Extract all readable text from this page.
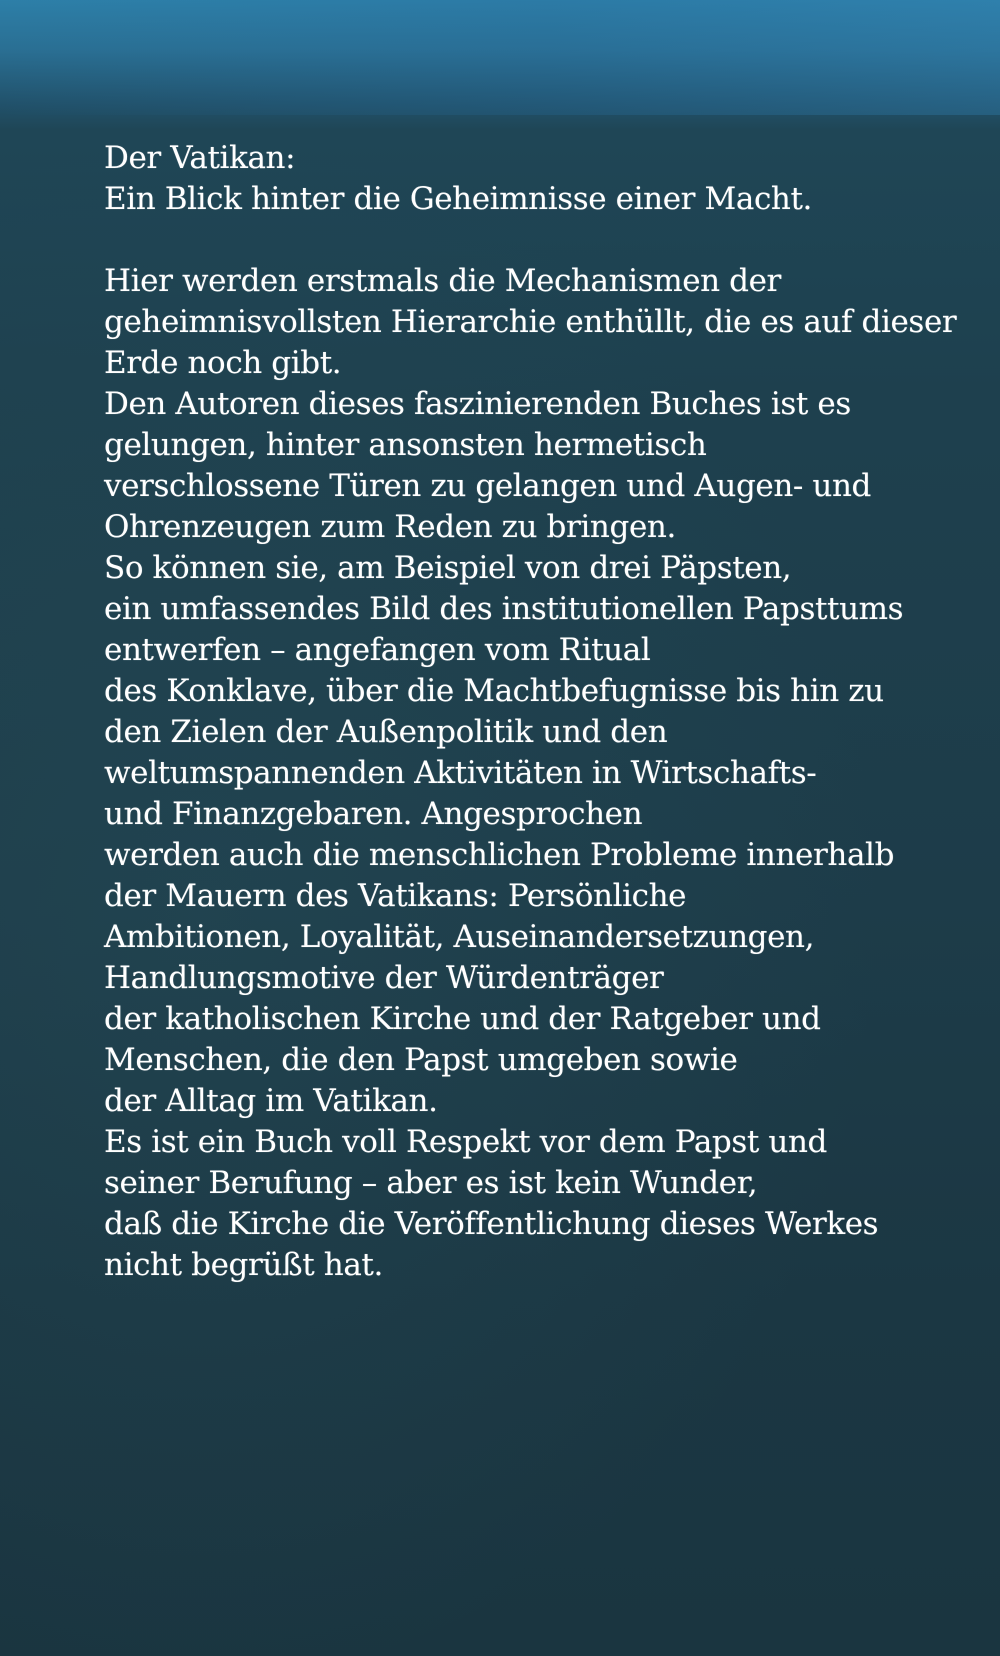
Der Vatikan:
Ein Blick hinter die Geheimnisse einer Macht.
Hier werden erstmals die Mechanismen der
geheimnisvollsten Hierarchie enthüllt, die es auf dieser
Erde noch gibt.
Den Autoren dieses faszinierenden Buches ist es
gelungen, hinter ansonsten hermetisch
verschlossene Türen zu gelangen und Augen- und
Ohrenzeugen zum Reden zu bringen.
So können sie, am Beispiel von drei Päpsten,
ein umfassendes Bild des institutionellen Papsttums
entwerfen – angefangen vom Ritual
des Konklave, über die Machtbefugnisse bis hin zu
den Zielen der Außenpolitik und den
weltumspannenden Aktivitäten in Wirtschafts-
und Finanzgebaren. Angesprochen
werden auch die menschlichen Probleme innerhalb
der Mauern des Vatikans: Persönliche
Ambitionen, Loyalität, Auseinandersetzungen,
Handlungsmotive der Würdenträger
der katholischen Kirche und der Ratgeber und
Menschen, die den Papst umgeben sowie
der Alltag im Vatikan.
Es ist ein Buch voll Respekt vor dem Papst und
seiner Berufung – aber es ist kein Wunder,
daß die Kirche die Veröffentlichung dieses Werkes
nicht begrüßt hat.
